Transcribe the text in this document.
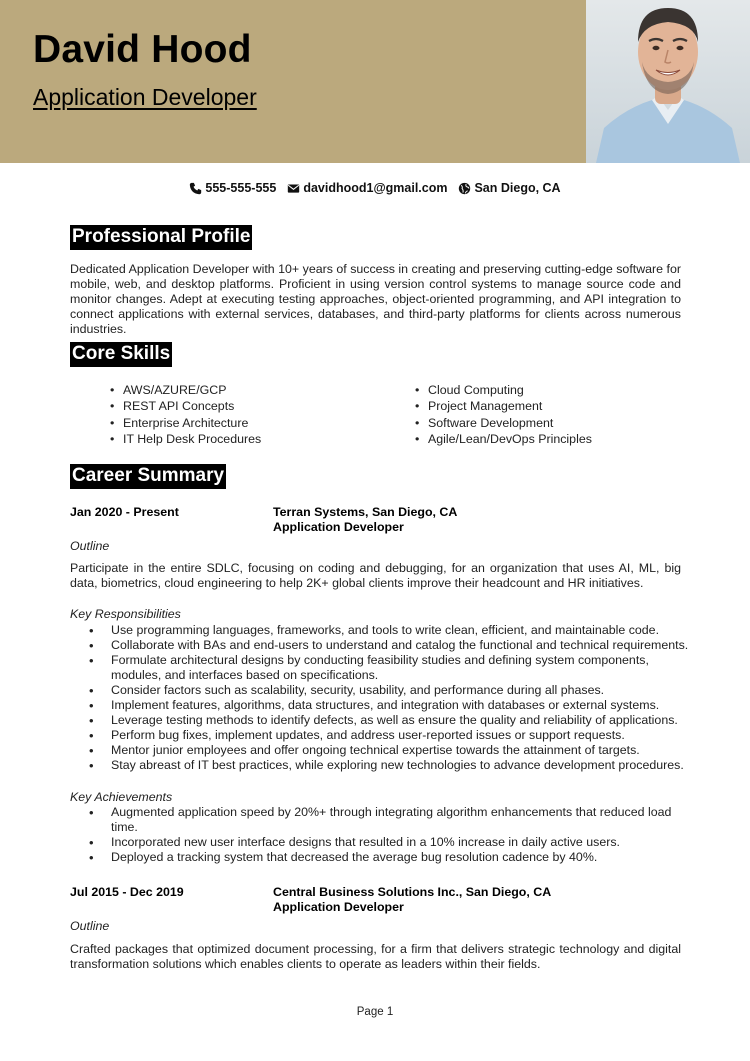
David Hood
Application Developer
555-555-555 davidhood1@gmail.com San Diego, CA
Professional Profile
Dedicated Application Developer with 10+ years of success in creating and preserving cutting-edge software for mobile, web, and desktop platforms. Proficient in using version control systems to manage source code and monitor changes. Adept at executing testing approaches, object-oriented programming, and API integration to connect applications with external services, databases, and third-party platforms for clients across numerous industries.
Core Skills
• AWS/AZURE/GCP
• REST API Concepts
• Enterprise Architecture
• IT Help Desk Procedures
• Cloud Computing
• Project Management
• Software Development
• Agile/Lean/DevOps Principles
Career Summary
Jan 2020 - Present	Terran Systems, San Diego, CA
Application Developer
Outline
Participate in the entire SDLC, focusing on coding and debugging, for an organization that uses AI, ML, big data, biometrics, cloud engineering to help 2K+ global clients improve their headcount and HR initiatives.
Key Responsibilities
• Use programming languages, frameworks, and tools to write clean, efficient, and maintainable code.
• Collaborate with BAs and end-users to understand and catalog the functional and technical requirements.
• Formulate architectural designs by conducting feasibility studies and defining system components, modules, and interfaces based on specifications.
• Consider factors such as scalability, security, usability, and performance during all phases.
• Implement features, algorithms, data structures, and integration with databases or external systems.
• Leverage testing methods to identify defects, as well as ensure the quality and reliability of applications.
• Perform bug fixes, implement updates, and address user-reported issues or support requests.
• Mentor junior employees and offer ongoing technical expertise towards the attainment of targets.
• Stay abreast of IT best practices, while exploring new technologies to advance development procedures.
Key Achievements
• Augmented application speed by 20%+ through integrating algorithm enhancements that reduced load time.
• Incorporated new user interface designs that resulted in a 10% increase in daily active users.
• Deployed a tracking system that decreased the average bug resolution cadence by 40%.
Jul 2015 - Dec 2019	Central Business Solutions Inc., San Diego, CA
Application Developer
Outline
Crafted packages that optimized document processing, for a firm that delivers strategic technology and digital transformation solutions which enables clients to operate as leaders within their fields.
Page 1
